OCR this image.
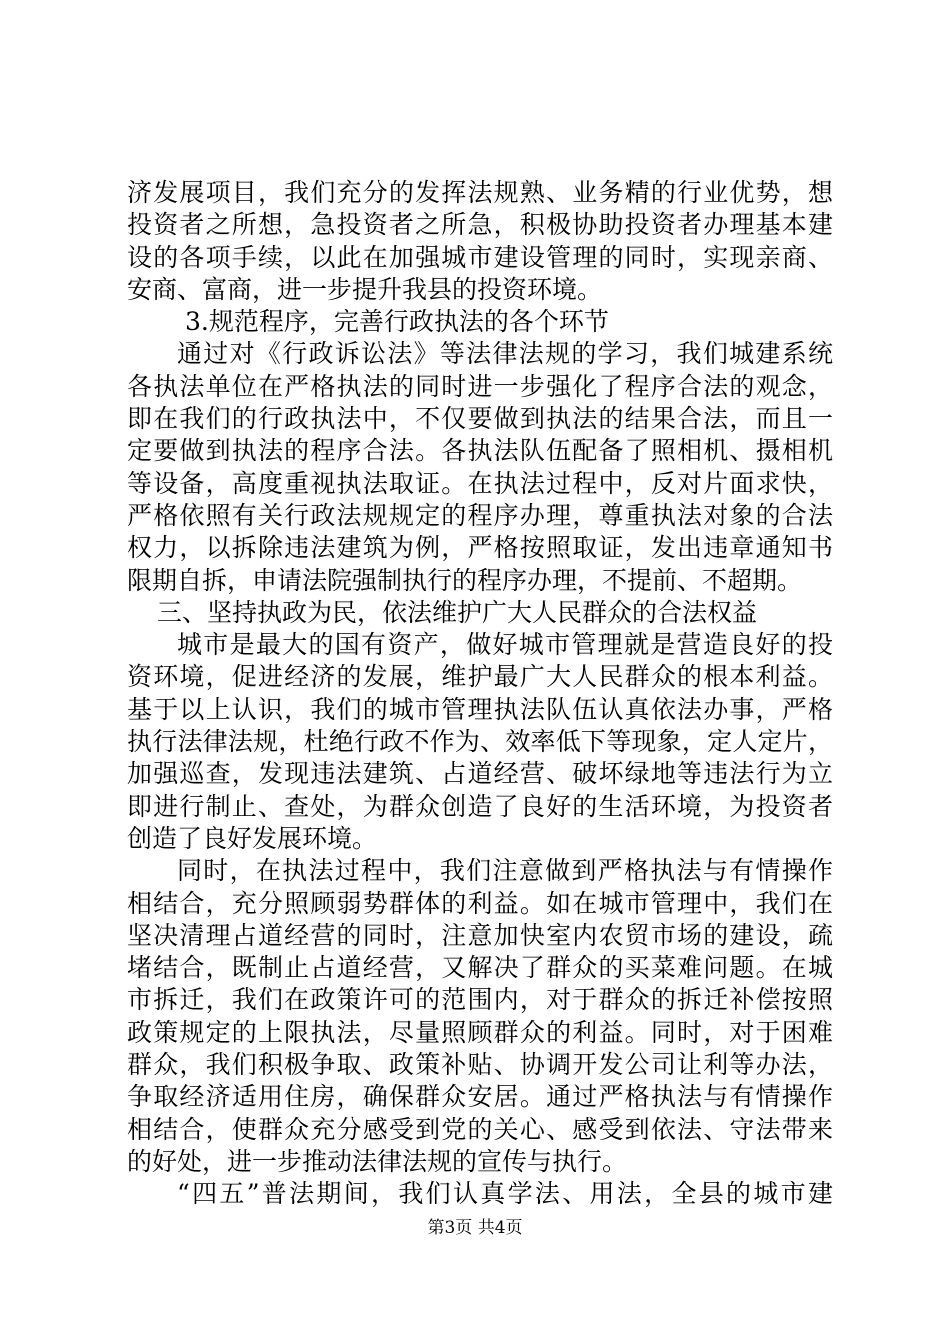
济发展项目，我们充分的发挥法规熟、业务精的行业优势，想
投资者之所想，急投资者之所急，积极协助投资者办理基本建
设的各项手续，以此在加强城市建设管理的同时，实现亲商、
安商、富商，进一步提升我县的投资环境。
3.规范程序，完善行政执法的各个环节
通过对《行政诉讼法》等法律法规的学习，我们城建系统
各执法单位在严格执法的同时进一步强化了程序合法的观念，
即在我们的行政执法中，不仅要做到执法的结果合法，而且一
定要做到执法的程序合法。各执法队伍配备了照相机、摄相机
等设备，高度重视执法取证。在执法过程中，反对片面求快，
严格依照有关行政法规规定的程序办理，尊重执法对象的合法
权力，以拆除违法建筑为例，严格按照取证，发出违章通知书
限期自拆，申请法院强制执行的程序办理，不提前、不超期。
三、坚持执政为民，依法维护广大人民群众的合法权益
城市是最大的国有资产，做好城市管理就是营造良好的投
资环境，促进经济的发展，维护最广大人民群众的根本利益。
基于以上认识，我们的城市管理执法队伍认真依法办事，严格
执行法律法规，杜绝行政不作为、效率低下等现象，定人定片，
加强巡查，发现违法建筑、占道经营、破坏绿地等违法行为立
即进行制止、查处，为群众创造了良好的生活环境，为投资者
创造了良好发展环境。
同时，在执法过程中，我们注意做到严格执法与有情操作
相结合，充分照顾弱势群体的利益。如在城市管理中，我们在
坚决清理占道经营的同时，注意加快室内农贸市场的建设，疏
堵结合，既制止占道经营，又解决了群众的买菜难问题。在城
市拆迁，我们在政策许可的范围内，对于群众的拆迁补偿按照
政策规定的上限执法，尽量照顾群众的利益。同时，对于困难
群众，我们积极争取、政策补贴、协调开发公司让利等办法，
争取经济适用住房，确保群众安居。通过严格执法与有情操作
相结合，使群众充分感受到党的关心、感受到依法、守法带来
的好处，进一步推动法律法规的宣传与执行。
“四五”普法期间，我们认真学法、用法，全县的城市建
第3页 共4页
